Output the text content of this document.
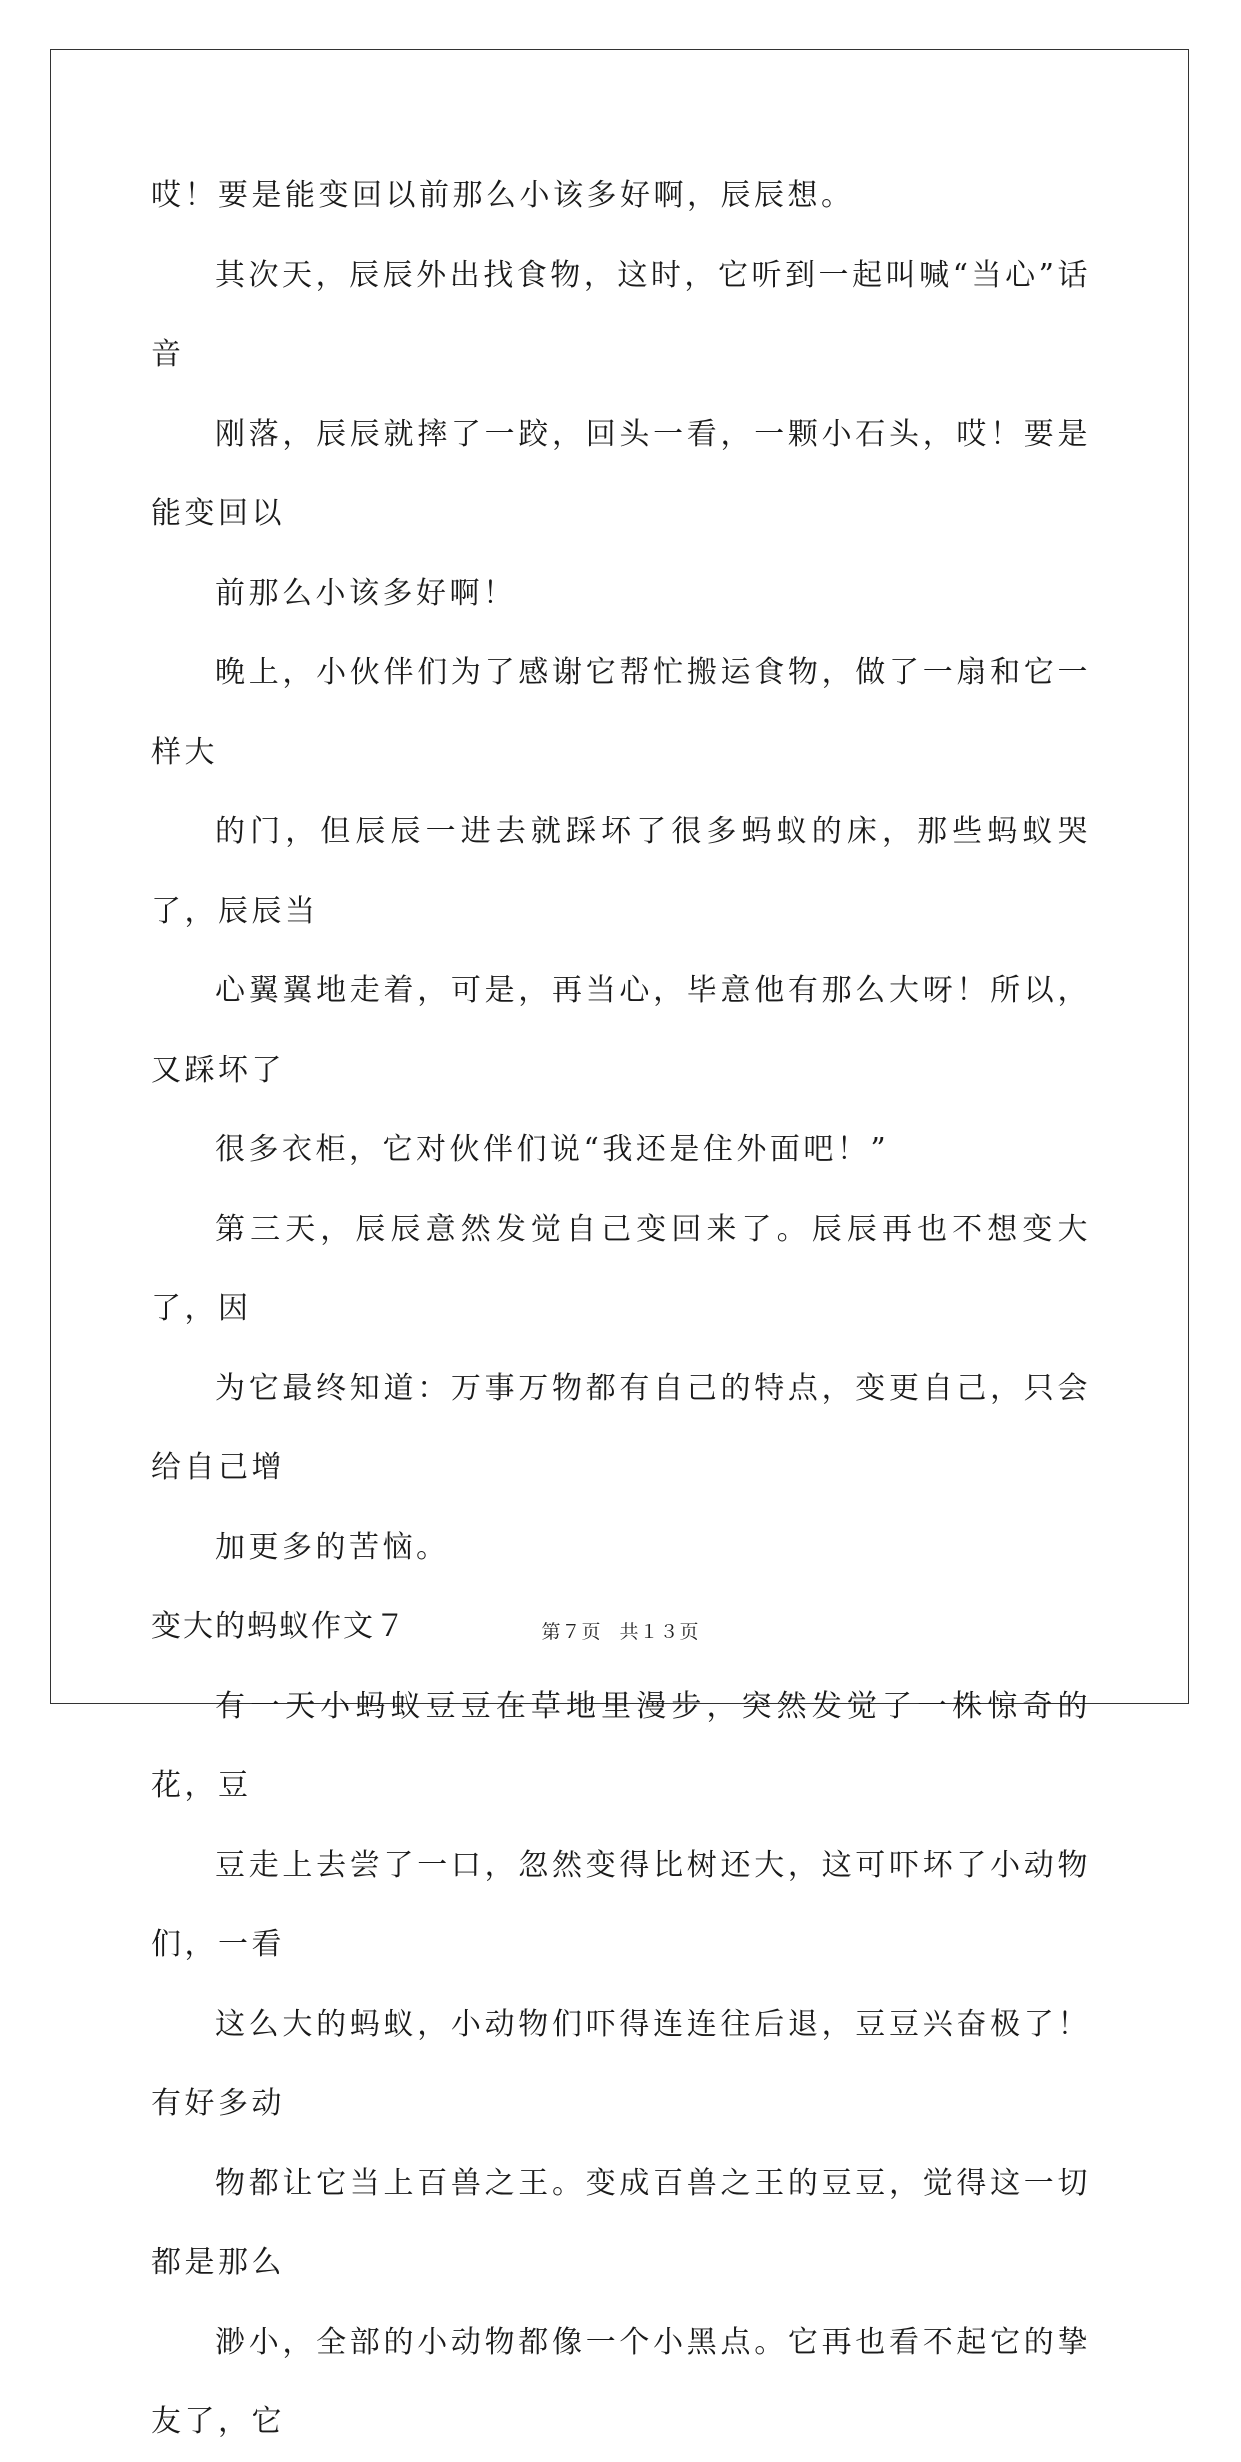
哎！要是能变回以前那么小该多好啊，辰辰想。

其次天，辰辰外出找食物，这时，它听到一起叫喊“当心”话音
刚落，辰辰就摔了一跤，回头一看，一颗小石头，哎！要是能变回以
前那么小该多好啊！

晚上，小伙伴们为了感谢它帮忙搬运食物，做了一扇和它一样大
的门，但辰辰一进去就踩坏了很多蚂蚁的床，那些蚂蚁哭了，辰辰当
心翼翼地走着，可是，再当心，毕意他有那么大呀！所以，又踩坏了
很多衣柜，它对伙伴们说“我还是住外面吧！”

第三天，辰辰意然发觉自己变回来了。辰辰再也不想变大了，因
为它最终知道：万事万物都有自己的特点，变更自己，只会给自己增
加更多的苦恼。

变大的蚂蚁作文７

有一天小蚂蚁豆豆在草地里漫步，突然发觉了一株惊奇的花，豆
豆走上去尝了一口，忽然变得比树还大，这可吓坏了小动物们，一看
这么大的蚂蚁，小动物们吓得连连往后退，豆豆兴奋极了！有好多动
物都让它当上百兽之王。变成百兽之王的豆豆，觉得这一切都是那么
渺小，全部的小动物都像一个小黑点。它再也看不起它的挚友了，它

第７页 共１３页
